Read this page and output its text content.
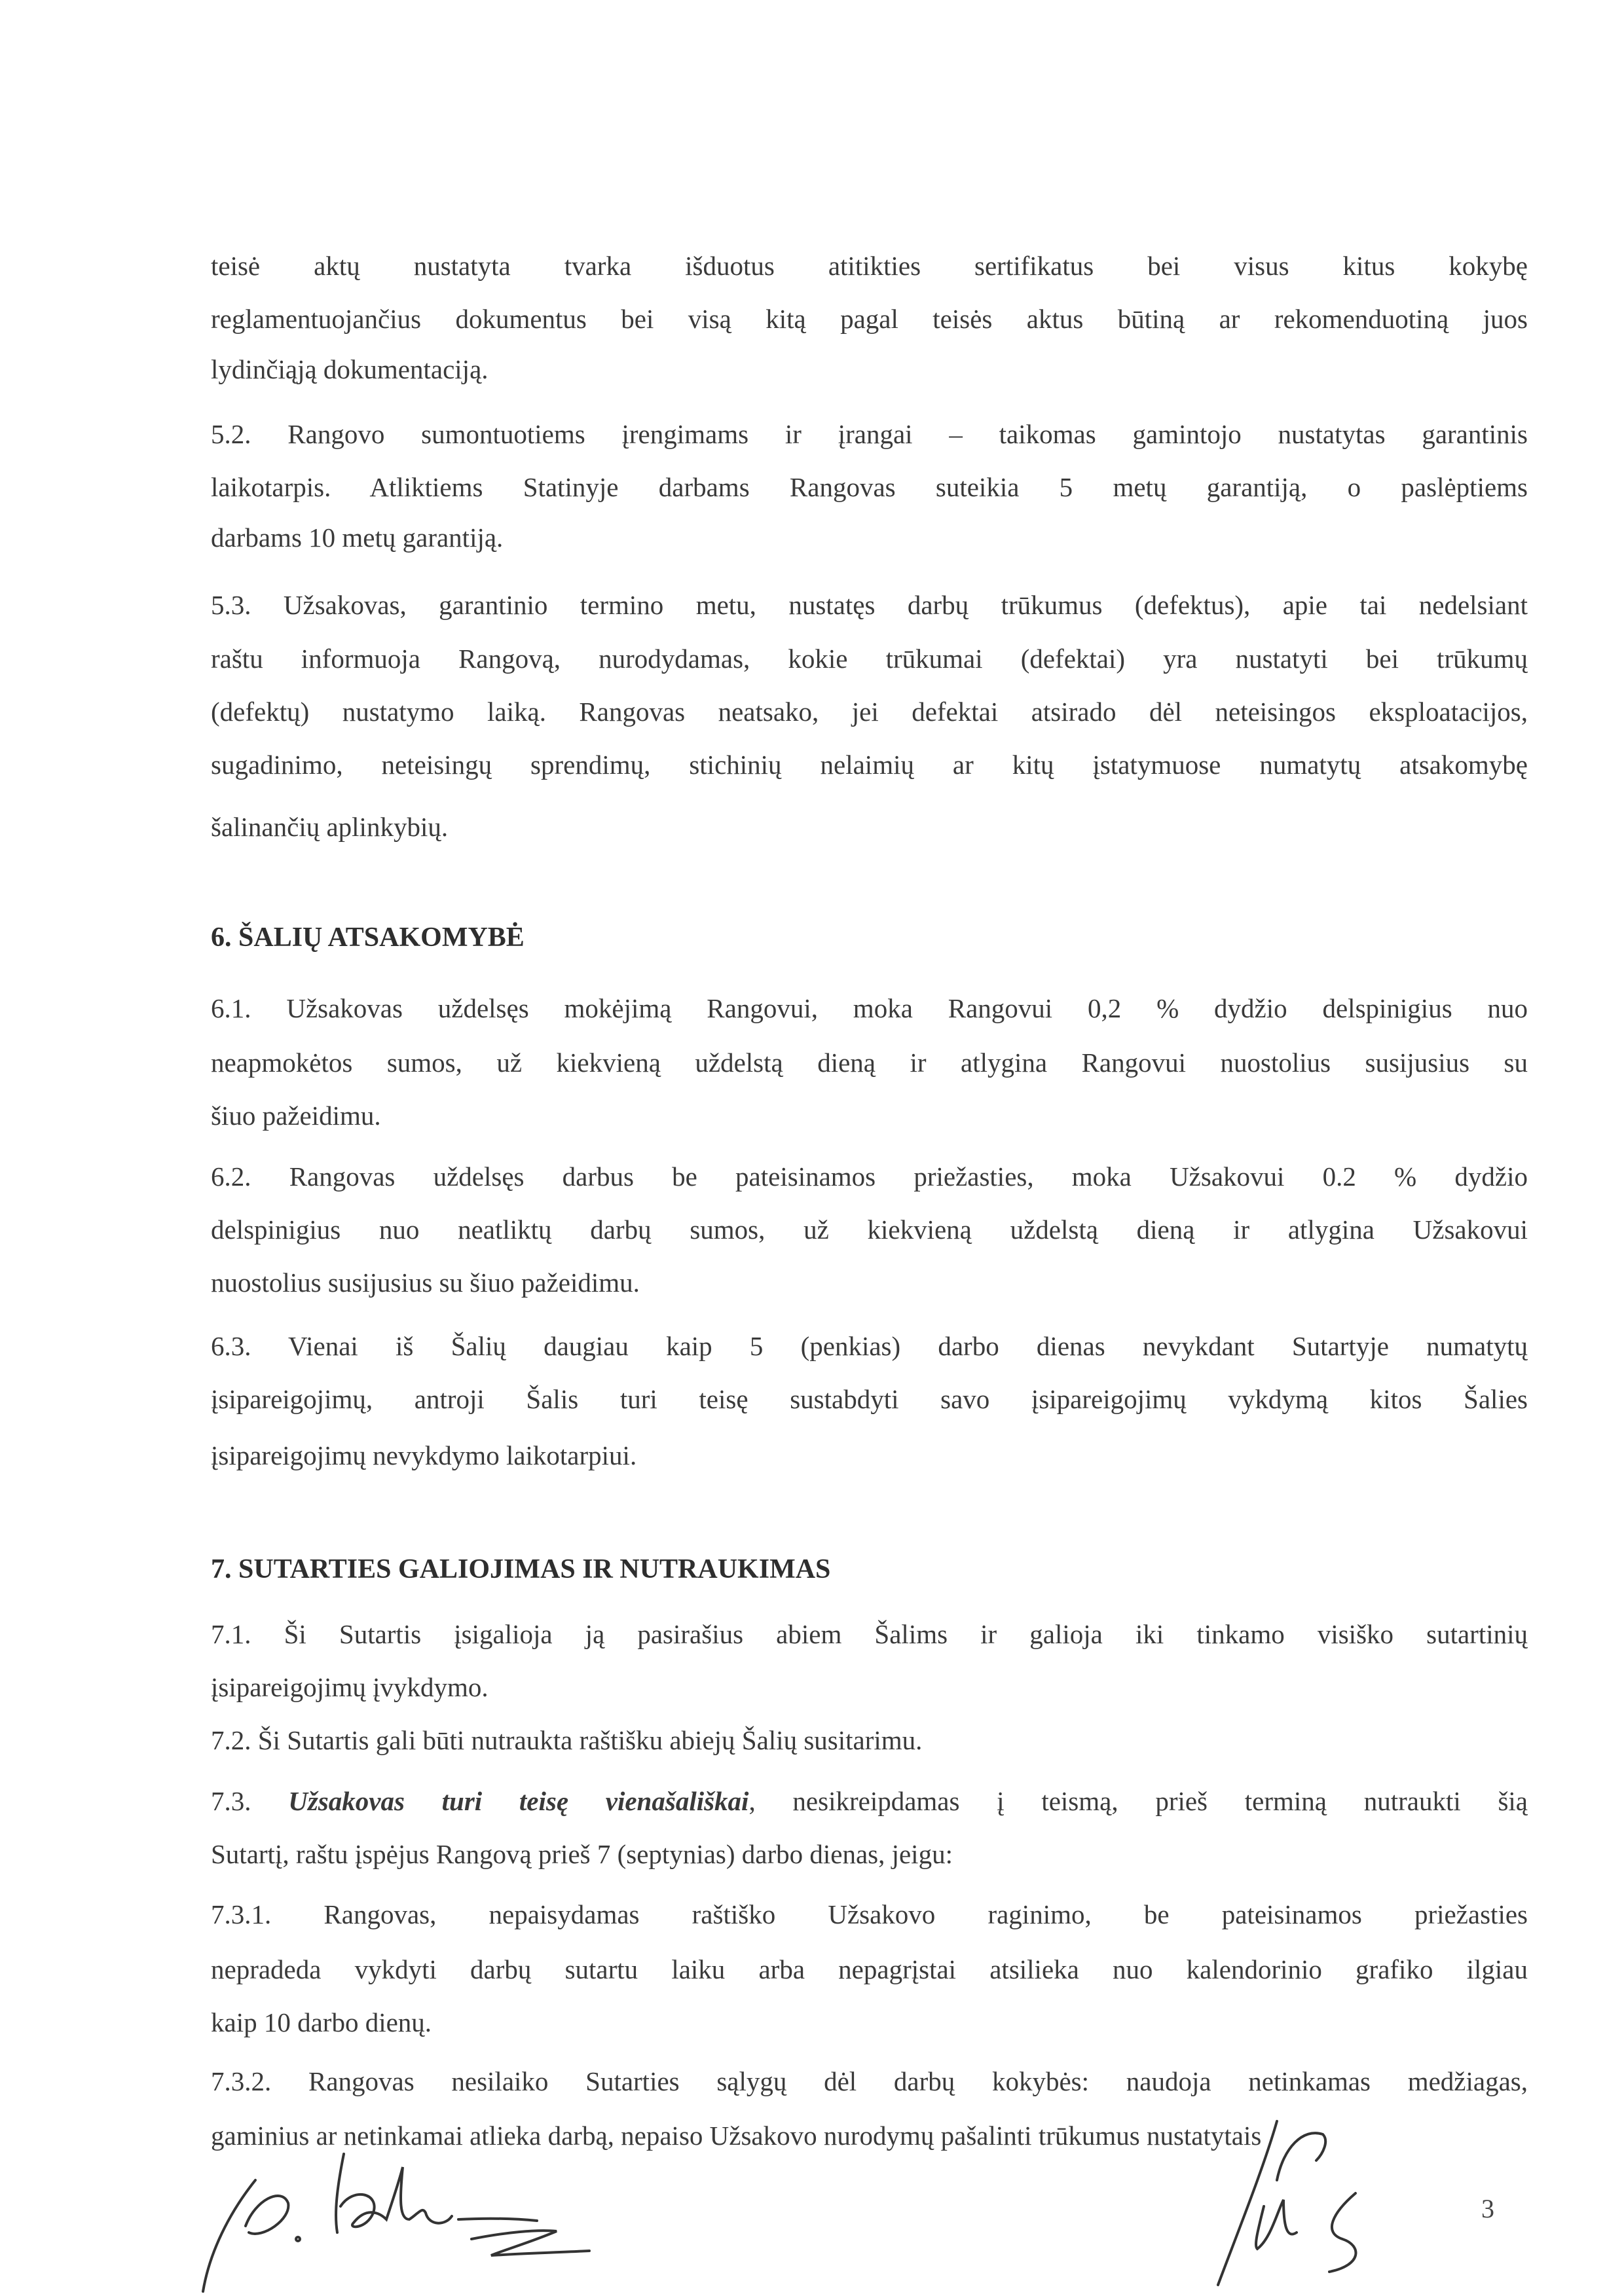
teisė aktų nustatyta tvarka išduotus atitikties sertifikatus bei visus kitus kokybę
reglamentuojančius dokumentus bei visą kitą pagal teisės aktus būtiną ar rekomenduotiną juos
lydinčiąją dokumentaciją.
5.2. Rangovo sumontuotiems įrengimams ir įrangai – taikomas gamintojo nustatytas garantinis
laikotarpis. Atliktiems Statinyje darbams Rangovas suteikia 5 metų garantiją, o paslėptiems
darbams 10 metų garantiją.
5.3. Užsakovas, garantinio termino metu, nustatęs darbų trūkumus (defektus), apie tai nedelsiant
raštu informuoja Rangovą, nurodydamas, kokie trūkumai (defektai) yra nustatyti bei trūkumų
(defektų) nustatymo laiką. Rangovas neatsako, jei defektai atsirado dėl neteisingos eksploatacijos,
sugadinimo, neteisingų sprendimų, stichinių nelaimių ar kitų įstatymuose numatytų atsakomybę
šalinančių aplinkybių.
6. ŠALIŲ ATSAKOMYBĖ
6.1. Užsakovas uždelsęs mokėjimą Rangovui, moka Rangovui 0,2 % dydžio delspinigius nuo
neapmokėtos sumos, už kiekvieną uždelstą dieną ir atlygina Rangovui nuostolius susijusius su
šiuo pažeidimu.
6.2. Rangovas uždelsęs darbus be pateisinamos priežasties, moka Užsakovui 0.2 % dydžio
delspinigius nuo neatliktų darbų sumos, už kiekvieną uždelstą dieną ir atlygina Užsakovui
nuostolius susijusius su šiuo pažeidimu.
6.3. Vienai iš Šalių daugiau kaip 5 (penkias) darbo dienas nevykdant Sutartyje numatytų
įsipareigojimų, antroji Šalis turi teisę sustabdyti savo įsipareigojimų vykdymą kitos Šalies
įsipareigojimų nevykdymo laikotarpiui.
7. SUTARTIES GALIOJIMAS IR NUTRAUKIMAS
7.1. Ši Sutartis įsigalioja ją pasirašius abiem Šalims ir galioja iki tinkamo visiško sutartinių
įsipareigojimų įvykdymo.
7.2. Ši Sutartis gali būti nutraukta raštišku abiejų Šalių susitarimu.
7.3. Užsakovas turi teisę vienašališkai, nesikreipdamas į teismą, prieš terminą nutraukti šią
Sutartį, raštu įspėjus Rangovą prieš 7 (septynias) darbo dienas, jeigu:
7.3.1. Rangovas, nepaisydamas raštiško Užsakovo raginimo, be pateisinamos priežasties
nepradeda vykdyti darbų sutartu laiku arba nepagrįstai atsilieka nuo kalendorinio grafiko ilgiau
kaip 10 darbo dienų.
7.3.2. Rangovas nesilaiko Sutarties sąlygų dėl darbų kokybės: naudoja netinkamas medžiagas,
gaminius ar netinkamai atlieka darbą, nepaiso Užsakovo nurodymų pašalinti trūkumus nustatytais
3
